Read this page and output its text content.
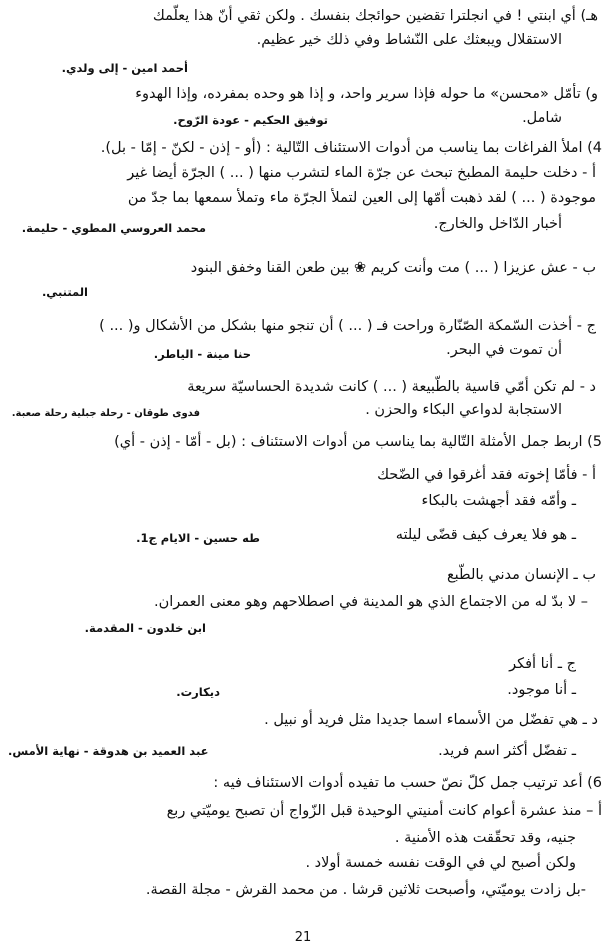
هـ) أي ابنتي ! في انجلترا تقضين حوائجك بنفسك . ولكن ثقي أنّ هذا يعلّمك
الاستقلال ويبعثك على النّشاط وفي ذلك خير عظيم.
أحمد امين - إلى ولدي.
و) تأمّل «محسن» ما حوله فإذا سرير واحد، و إذا هو وحده بمفرده، وإذا الهدوء
شامل.
توفيق الحكيم - عودة الرّوح.
4) املأ الفراغات بما يناسب من أدوات الاستئناف التّالية : (أو - إذن - لكنّ - إمّا - بل).
أ - دخلت حليمة المطبخ تبحث عن جرّة الماء لتشرب منها ( ... ) الجرّة أيضا غير
موجودة ( ... ) لقد ذهبت أمّها إلى العين لتملأ الجرّة ماء وتملأ سمعها بما جدّ من
أخبار الدّاخل والخارج.
محمد العروسي المطوي - حليمة.
ب - عش عزيزا ( ... ) مت وأنت كريم ❀ بين طعن القنا وخفق البنود
المتنبي.
ج - أخذت السّمكة الصّنّارة وراحت فـ ( ... ) أن تنجو منها بشكل من الأشكال و( ... )
أن تموت في البحر.
حنا مينة - الياطر.
د - لم تكن أمّي قاسية بالطّبيعة ( ... ) كانت شديدة الحساسيّة سريعة
الاستجابة لدواعي البكاء والحزن .
فدوى طوقان - رحلة جبلية رحلة صعبة.
5) اربط جمل الأمثلة التّالية بما يناسب من أدوات الاستئناف : (بل - أمّا - إذن - أي)
أ - فأمّا إخوته فقد أغرقوا في الضّحك
ـ وأمّه فقد أجهشت بالبكاء
ـ هو فلا يعرف كيف قضّى ليلته
طه حسين - الايام ج1.
ب ـ الإنسان مدني بالطّبع
– لا بدّ له من الاجتماع الذي هو المدينة في اصطلاحهم وهو معنى العمران.
ابن خلدون - المقدمة.
ج ـ أنا أفكر
ـ أنا موجود.
ديكارت.
د ـ هي تفضّل من الأسماء اسما جديدا مثل فريد أو نبيل .
ـ تفضّل أكثر اسم فريد.
عبد العميد بن هدوقة - نهاية الأمس.
6) أعد ترتيب جمل كلّ نصّ حسب ما تفيده أدوات الاستئناف فيه :
أ – منذ عشرة أعوام كانت أمنيتي الوحيدة قبل الزّواج أن تصبح يوميّتي ربع
جنيه، وقد تحقّقت هذه الأمنية .
ولكن أصبح لي في الوقت نفسه خمسة أولاد .
-بل زادت يوميّتي، وأصبحت ثلاثين قرشا . من محمد القرش - مجلة القصة.
21
